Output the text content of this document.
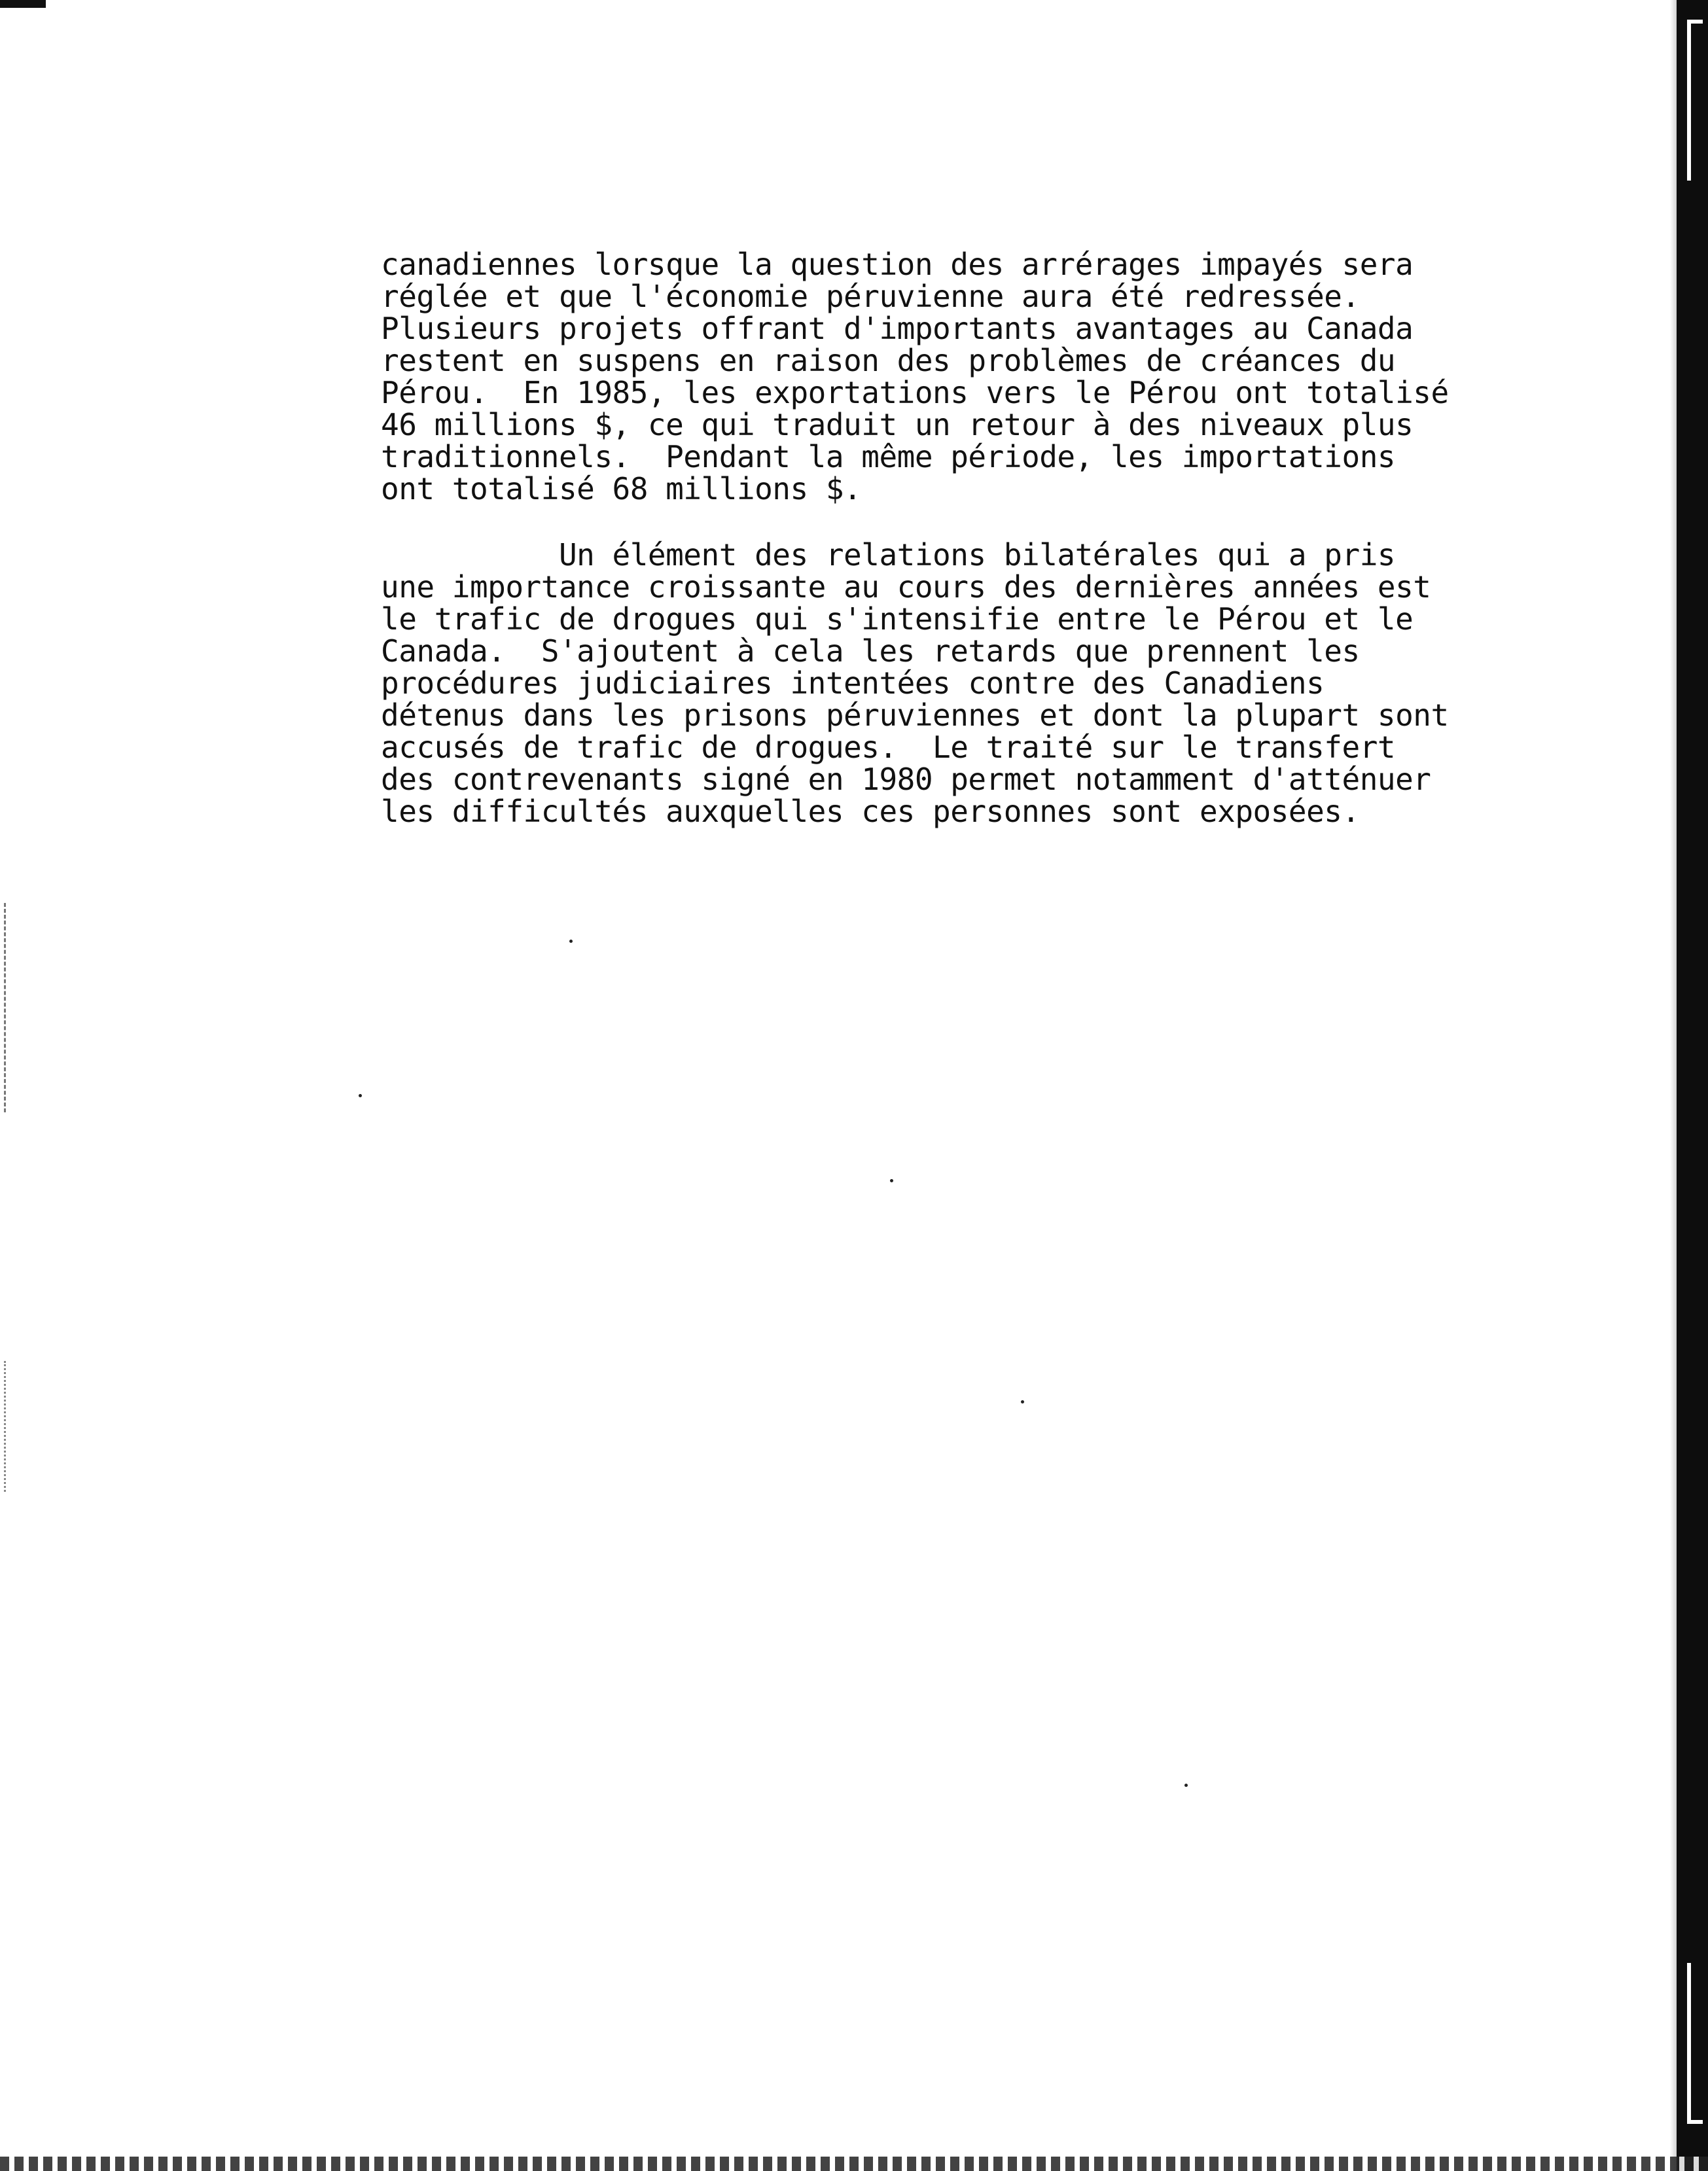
canadiennes lorsque la question des arrérages impayés sera
réglée et que l'économie péruvienne aura été redressée.
Plusieurs projets offrant d'importants avantages au Canada
restent en suspens en raison des problèmes de créances du
Pérou.  En 1985, les exportations vers le Pérou ont totalisé
46 millions $, ce qui traduit un retour à des niveaux plus
traditionnels.  Pendant la même période, les importations
ont totalisé 68 millions $.
Un élément des relations bilatérales qui a pris
une importance croissante au cours des dernières années est
le trafic de drogues qui s'intensifie entre le Pérou et le
Canada.  S'ajoutent à cela les retards que prennent les
procédures judiciaires intentées contre des Canadiens
détenus dans les prisons péruviennes et dont la plupart sont
accusés de trafic de drogues.  Le traité sur le transfert
des contrevenants signé en 1980 permet notamment d'atténuer
les difficultés auxquelles ces personnes sont exposées.
